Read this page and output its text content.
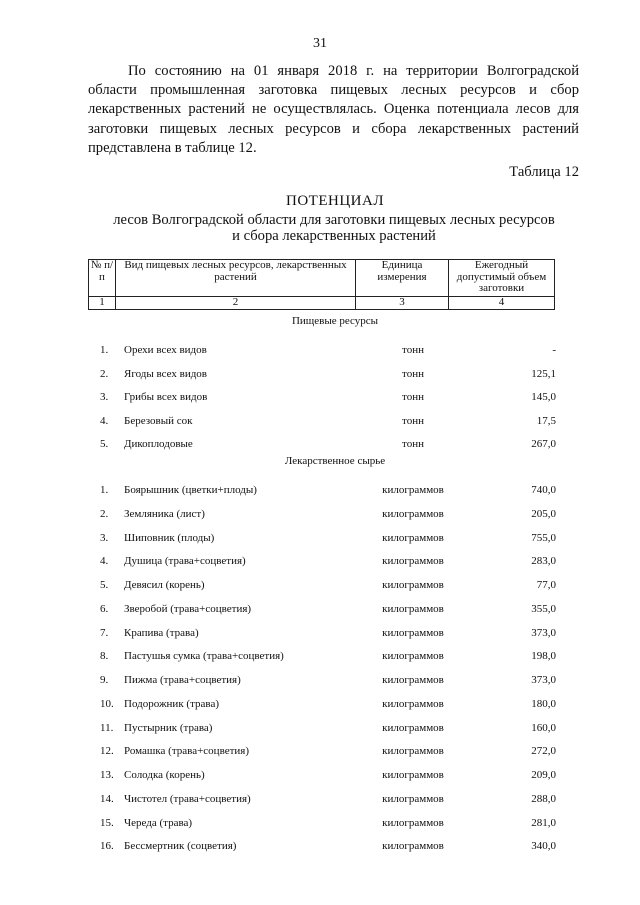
31

По состоянию на 01 января 2018 г. на территории Волгоградской области промышленная заготовка пищевых лесных ресурсов и сбор лекарственных растений не осуществлялась. Оценка потенциала лесов для заготовки пищевых лесных ресурсов и сбора лекарственных растений представлена в таблице 12.

Таблица 12
ПОТЕНЦИАЛ
лесов Волгоградской области для заготовки пищевых лесных ресурсов
и сбора лекарственных растений
№ п/п	Вид пищевых лесных ресурсов, лекарственных растений	Единица измерения	Ежегодный допустимый объем заготовки
1	2	3	4
Пищевые ресурсы
1. Орехи всех видов	тонн	-
2. Ягоды всех видов	тонн	125,1
3. Грибы всех видов	тонн	145,0
4. Березовый сок	тонн	17,5
5. Дикоплодовые	тонн	267,0
Лекарственное сырье
1. Боярышник (цветки+плоды)	килограммов	740,0
2. Земляника (лист)	килограммов	205,0
3. Шиповник (плоды)	килограммов	755,0
4. Душица (трава+соцветия)	килограммов	283,0
5. Девясил (корень)	килограммов	77,0
6. Зверобой (трава+соцветия)	килограммов	355,0
7. Крапива (трава)	килограммов	373,0
8. Пастушья сумка (трава+соцветия)	килограммов	198,0
9. Пижма (трава+соцветия)	килограммов	373,0
10. Подорожник (трава)	килограммов	180,0
11. Пустырник (трава)	килограммов	160,0
12. Ромашка (трава+соцветия)	килограммов	272,0
13. Солодка (корень)	килограммов	209,0
14. Чистотел (трава+соцветия)	килограммов	288,0
15. Череда (трава)	килограммов	281,0
16. Бессмертник (соцветия)	килограммов	340,0
